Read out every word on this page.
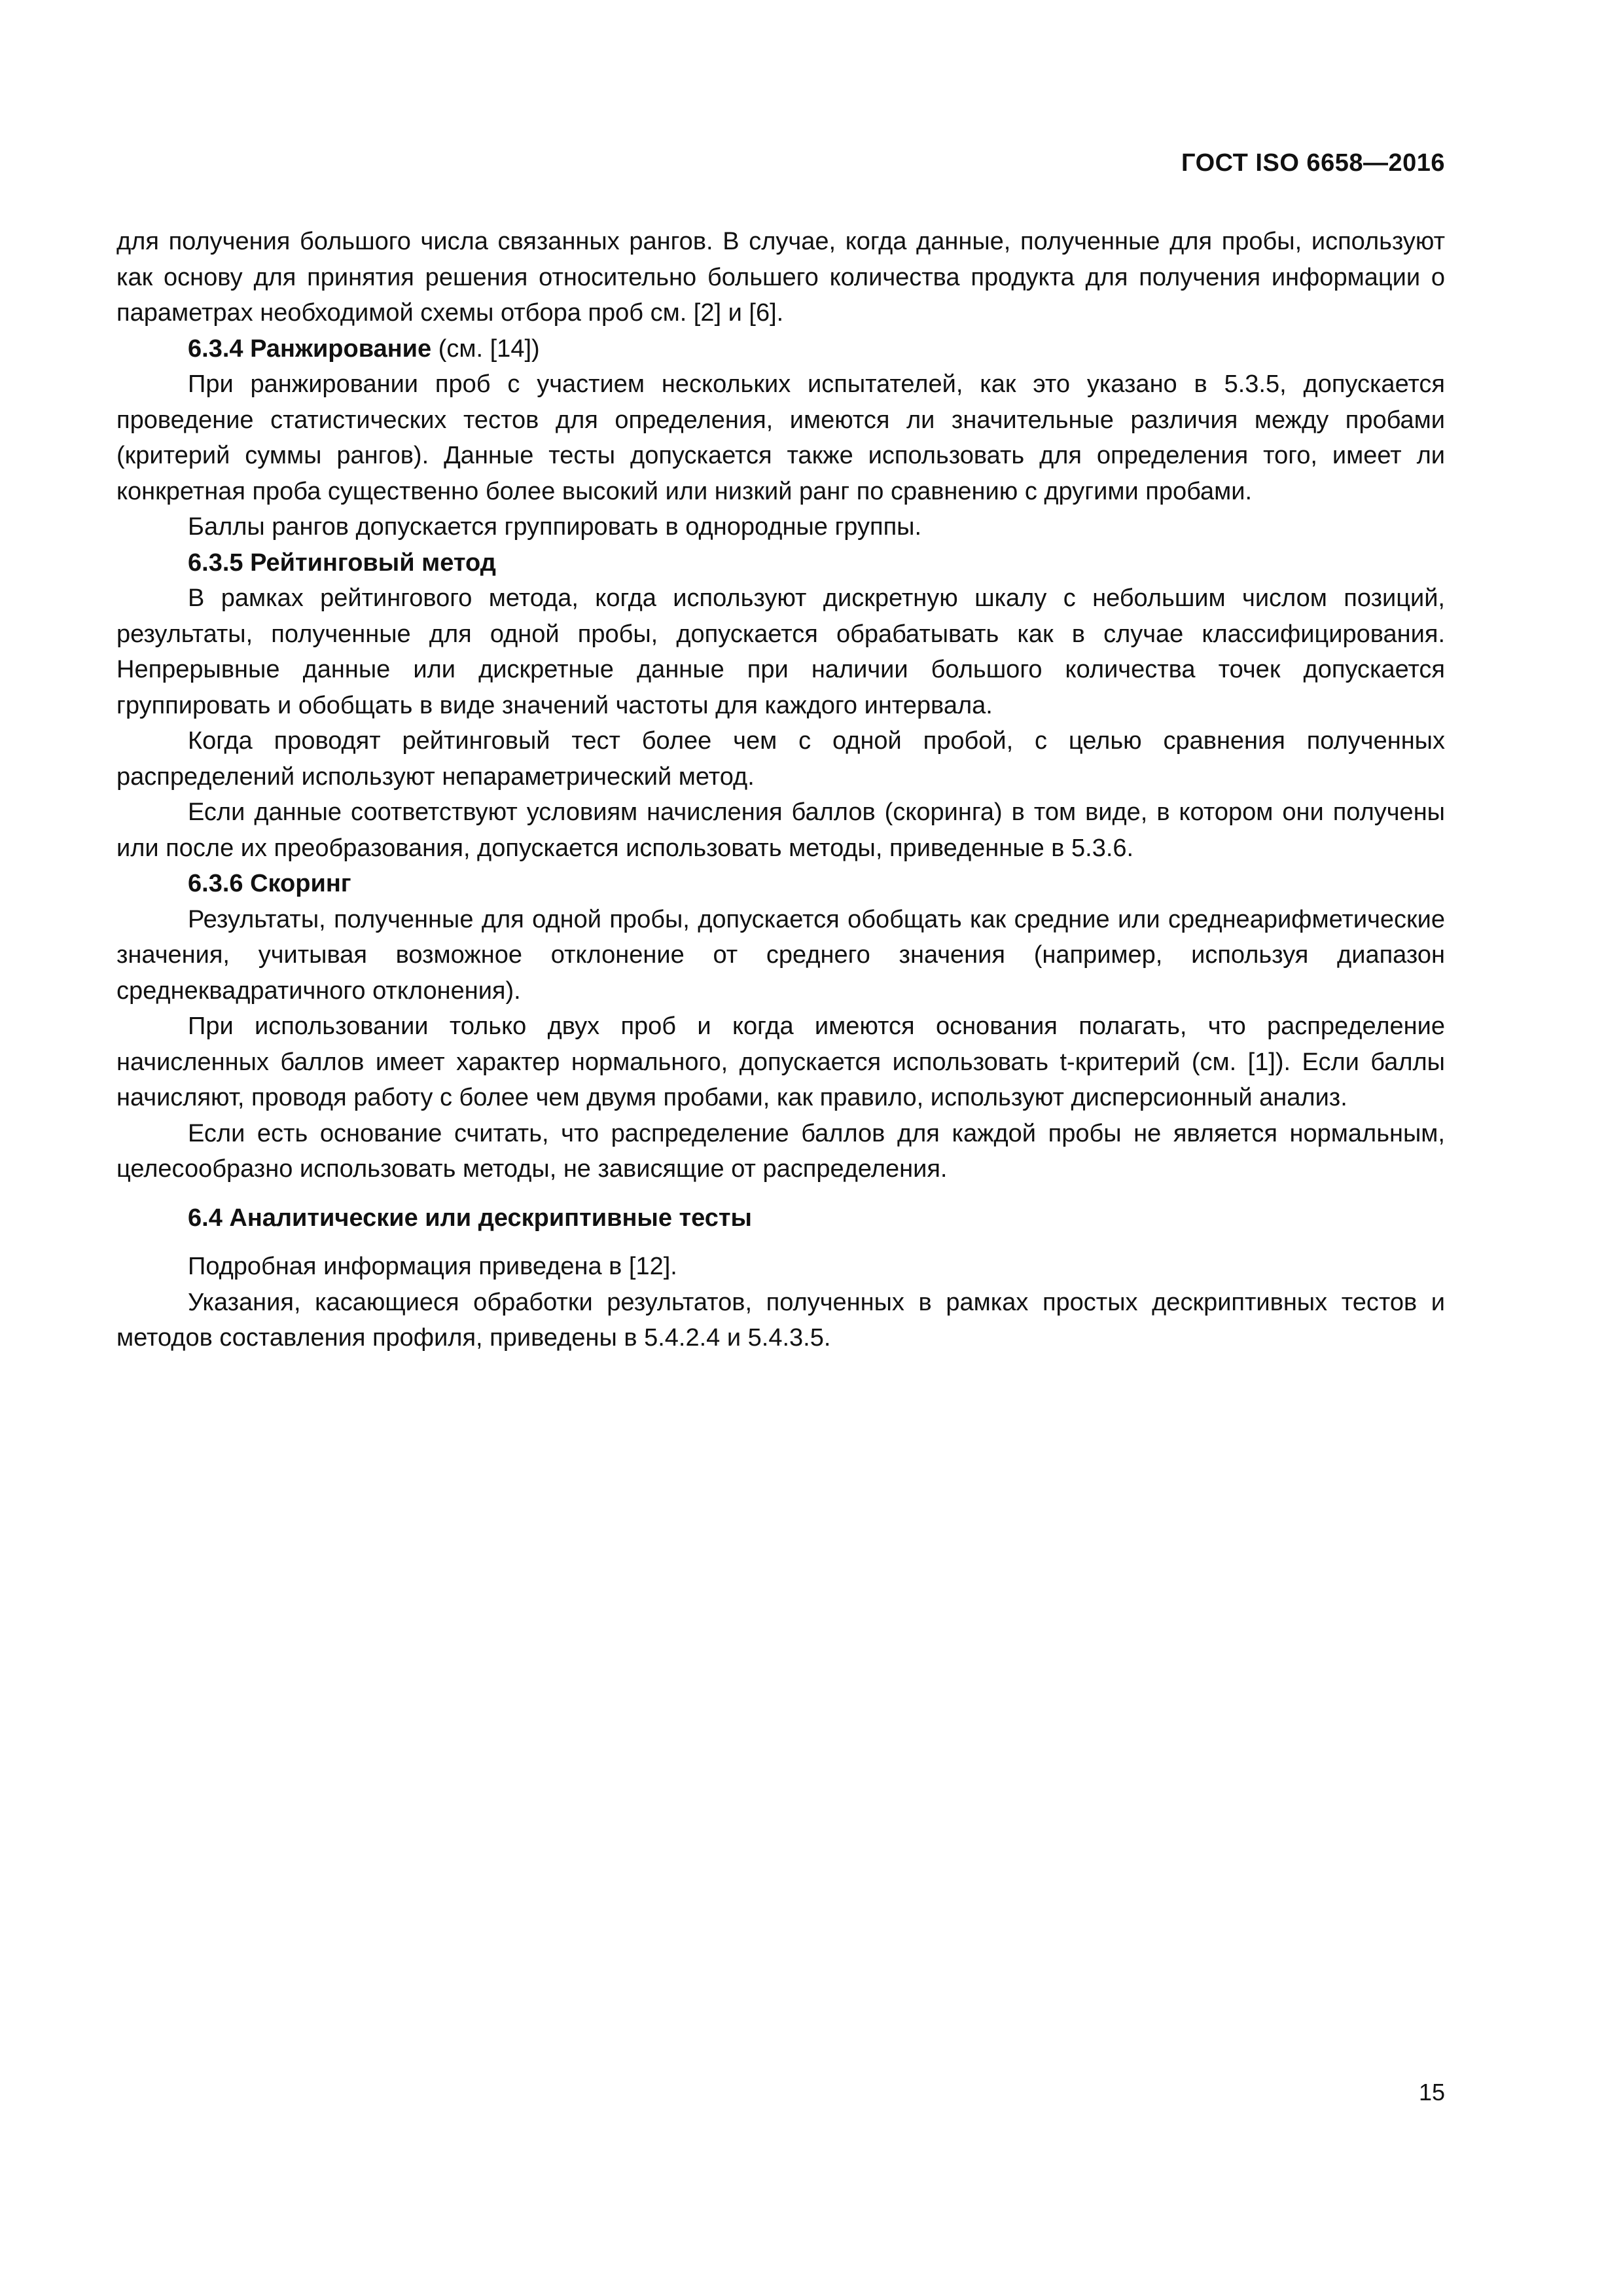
ГОСТ ISO 6658—2016

для получения большого числа связанных рангов. В случае, когда данные, полученные для пробы, используют как основу для принятия решения относительно большего количества продукта для получения информации о параметрах необходимой схемы отбора проб см. [2] и [6].

6.3.4 Ранжирование (см. [14])

При ранжировании проб с участием нескольких испытателей, как это указано в 5.3.5, допускается проведение статистических тестов для определения, имеются ли значительные различия между пробами (критерий суммы рангов). Данные тесты допускается также использовать для определения того, имеет ли конкретная проба существенно более высокий или низкий ранг по сравнению с другими пробами.

Баллы рангов допускается группировать в однородные группы.

6.3.5 Рейтинговый метод

В рамках рейтингового метода, когда используют дискретную шкалу с небольшим числом позиций, результаты, полученные для одной пробы, допускается обрабатывать как в случае классифицирования. Непрерывные данные или дискретные данные при наличии большого количества точек допускается группировать и обобщать в виде значений частоты для каждого интервала.

Когда проводят рейтинговый тест более чем с одной пробой, с целью сравнения полученных распределений используют непараметрический метод.

Если данные соответствуют условиям начисления баллов (скоринга) в том виде, в котором они получены или после их преобразования, допускается использовать методы, приведенные в 5.3.6.

6.3.6 Скоринг

Результаты, полученные для одной пробы, допускается обобщать как средние или среднеарифметические значения, учитывая возможное отклонение от среднего значения (например, используя диапазон среднеквадратичного отклонения).

При использовании только двух проб и когда имеются основания полагать, что распределение начисленных баллов имеет характер нормального, допускается использовать t-критерий (см. [1]). Если баллы начисляют, проводя работу с более чем двумя пробами, как правило, используют дисперсионный анализ.

Если есть основание считать, что распределение баллов для каждой пробы не является нормальным, целесообразно использовать методы, не зависящие от распределения.

6.4 Аналитические или дескриптивные тесты

Подробная информация приведена в [12].

Указания, касающиеся обработки результатов, полученных в рамках простых дескриптивных тестов и методов составления профиля, приведены в 5.4.2.4 и 5.4.3.5.

15
